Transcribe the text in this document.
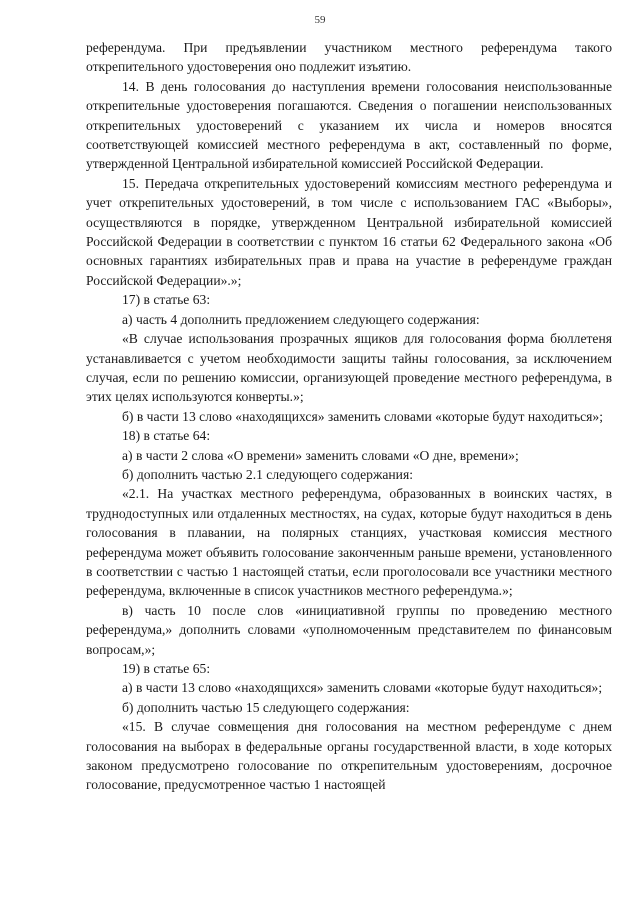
59

референдума. При предъявлении участником местного референдума такого открепительного удостоверения оно подлежит изъятию.

14. В день голосования до наступления времени голосования неиспользованные открепительные удостоверения погашаются. Сведения о погашении неиспользованных открепительных удостоверений с указанием их числа и номеров вносятся соответствующей комиссией местного референдума в акт, составленный по форме, утвержденной Центральной избирательной комиссией Российской Федерации.

15. Передача открепительных удостоверений комиссиям местного референдума и учет открепительных удостоверений, в том числе с использованием ГАС «Выборы», осуществляются в порядке, утвержденном Центральной избирательной комиссией Российской Федерации в соответствии с пунктом 16 статьи 62 Федерального закона «Об основных гарантиях избирательных прав и права на участие в референдуме граждан Российской Федерации».»;

17) в статье 63:

а) часть 4 дополнить предложением следующего содержания:

«В случае использования прозрачных ящиков для голосования форма бюллетеня устанавливается с учетом необходимости защиты тайны голосования, за исключением случая, если по решению комиссии, организующей проведение местного референдума, в этих целях используются конверты.»;

б) в части 13 слово «находящихся» заменить словами «которые будут находиться»;

18) в статье 64:

а) в части 2 слова «О времени» заменить словами «О дне, времени»;

б) дополнить частью 2.1 следующего содержания:

«2.1. На участках местного референдума, образованных в воинских частях, в труднодоступных или отдаленных местностях, на судах, которые будут находиться в день голосования в плавании, на полярных станциях, участковая комиссия местного референдума может объявить голосование законченным раньше времени, установленного в соответствии с частью 1 настоящей статьи, если проголосовали все участники местного референдума, включенные в список участников местного референдума.»;

в) часть 10 после слов «инициативной группы по проведению местного референдума,» дополнить словами «уполномоченным представителем по финансовым вопросам,»;

19) в статье 65:

а) в части 13 слово «находящихся» заменить словами «которые будут находиться»;

б) дополнить частью 15 следующего содержания:

«15. В случае совмещения дня голосования на местном референдуме с днем голосования на выборах в федеральные органы государственной власти, в ходе которых законом предусмотрено голосование по открепительным удостоверениям, досрочное голосование, предусмотренное частью 1 настоящей
